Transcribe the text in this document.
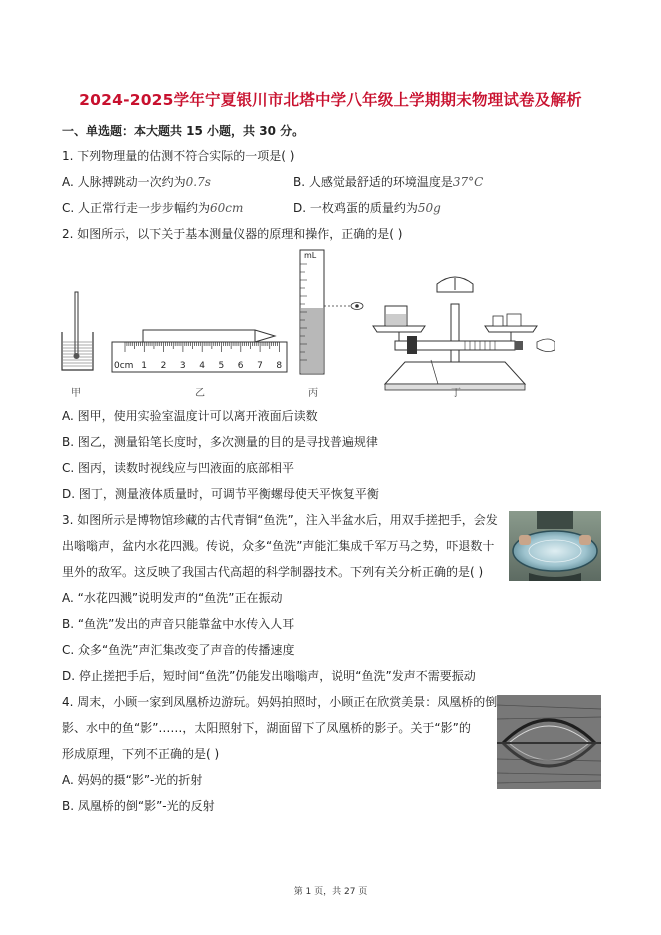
2024-2025学年宁夏银川市北塔中学八年级上学期期末物理试卷及解析
一、单选题：本大题共 15 小题，共 30 分。
1. 下列物理量的估测不符合实际的一项是( )
A. 人脉搏跳动一次约为0.7s	B. 人感觉最舒适的环境温度是37°C
C. 人正常行走一步步幅约为60cm	D. 一枚鸡蛋的质量约为50g
2. 如图所示，以下关于基本测量仪器的原理和操作，正确的是( )
0cm 1 2 3 4 5 6 7 8
mL
甲	乙	丙	丁
A. 图甲，使用实验室温度计可以离开液面后读数
B. 图乙，测量铅笔长度时，多次测量的目的是寻找普遍规律
C. 图丙，读数时视线应与凹液面的底部相平
D. 图丁，测量液体质量时，可调节平衡螺母使天平恢复平衡
3. 如图所示是博物馆珍藏的古代青铜“鱼洗”，注入半盆水后，用双手搓把手，会发
出嗡嗡声，盆内水花四溅。传说，众多“鱼洗”声能汇集成千军万马之势，吓退数十
里外的敌军。这反映了我国古代高超的科学制器技术。下列有关分析正确的是( )
A. “水花四溅”说明发声的“鱼洗”正在振动
B. “鱼洗”发出的声音只能靠盆中水传入人耳
C. 众多“鱼洗”声汇集改变了声音的传播速度
D. 停止搓把手后，短时间“鱼洗”仍能发出嗡嗡声，说明“鱼洗”发声不需要振动
4. 周末，小顾一家到凤凰桥边游玩。妈妈拍照时，小顾正在欣赏美景：凤凰桥的倒
影、水中的鱼“影”……，太阳照射下，湖面留下了凤凰桥的影子。关于“影”的
形成原理，下列不正确的是( )
A. 妈妈的摄“影”-光的折射
B. 凤凰桥的倒“影”-光的反射
第 1 页，共 27 页
